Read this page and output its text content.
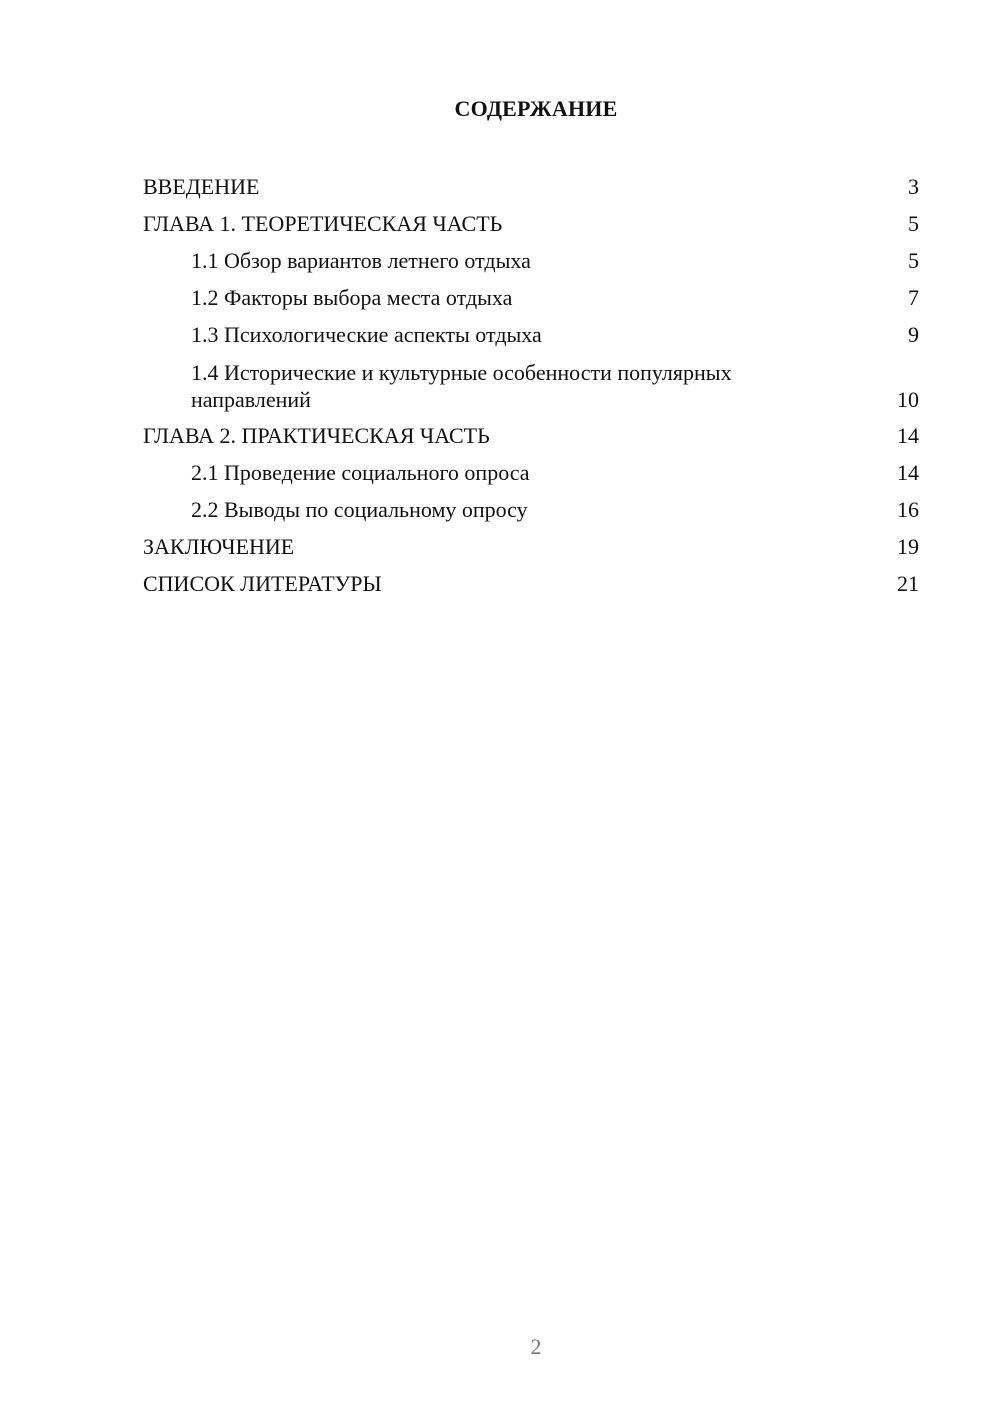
СОДЕРЖАНИЕ
ВВЕДЕНИЕ	3
ГЛАВА 1. ТЕОРЕТИЧЕСКАЯ ЧАСТЬ	5
1.1 Обзор вариантов летнего отдыха	5
1.2 Факторы выбора места отдыха	7
1.3 Психологические аспекты отдыха	9
1.4 Исторические и культурные особенности популярных направлений	10
ГЛАВА 2. ПРАКТИЧЕСКАЯ ЧАСТЬ	14
2.1 Проведение социального опроса	14
2.2 Выводы по социальному опросу	16
ЗАКЛЮЧЕНИЕ	19
СПИСОК ЛИТЕРАТУРЫ	21
2
